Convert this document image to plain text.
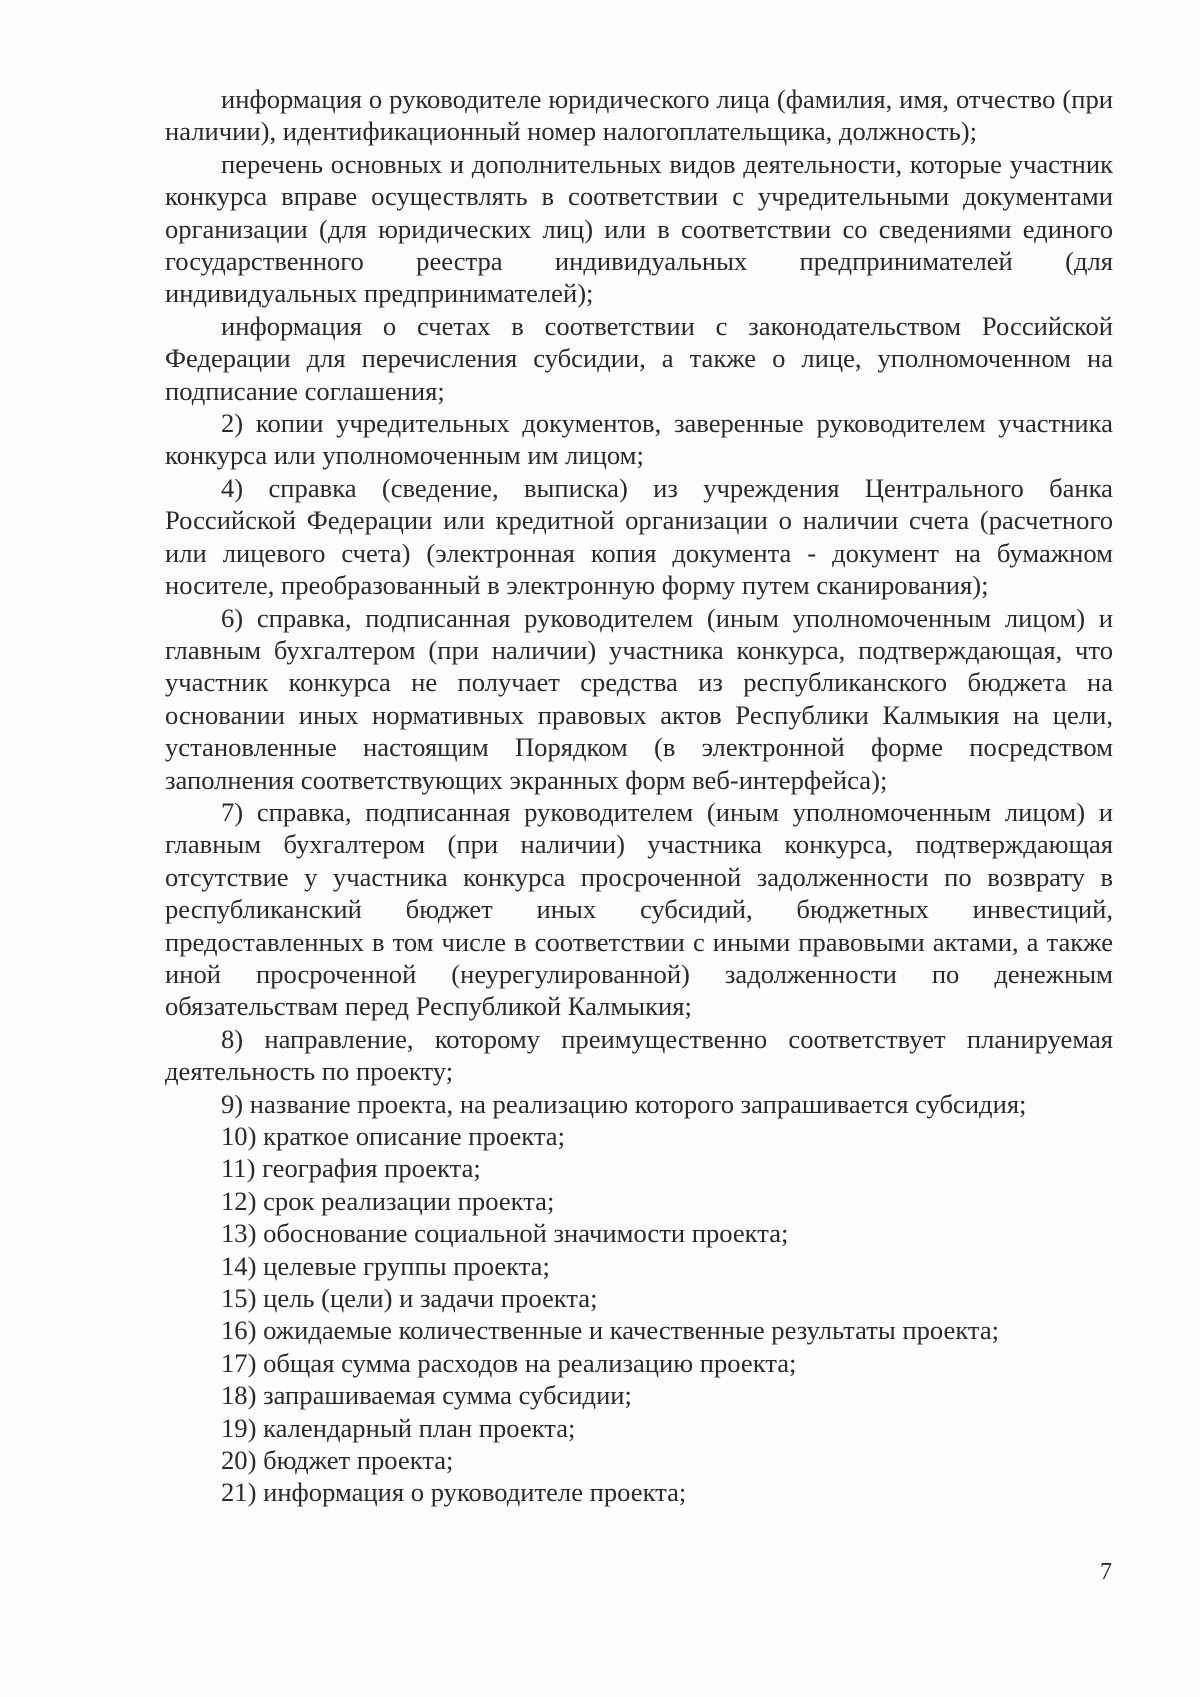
информация о руководителе юридического лица (фамилия, имя, отчество (при наличии), идентификационный номер налогоплательщика, должность);

перечень основных и дополнительных видов деятельности, которые участник конкурса вправе осуществлять в соответствии с учредительными документами организации (для юридических лиц) или в соответствии со сведениями единого государственного реестра индивидуальных предпринимателей (для индивидуальных предпринимателей);

информация о счетах в соответствии с законодательством Российской Федерации для перечисления субсидии, а также о лице, уполномоченном на подписание соглашения;

2) копии учредительных документов, заверенные руководителем участника конкурса или уполномоченным им лицом;

4) справка (сведение, выписка) из учреждения Центрального банка Российской Федерации или кредитной организации о наличии счета (расчетного или лицевого счета) (электронная копия документа - документ на бумажном носителе, преобразованный в электронную форму путем сканирования);

6) справка, подписанная руководителем (иным уполномоченным лицом) и главным бухгалтером (при наличии) участника конкурса, подтверждающая, что участник конкурса не получает средства из республиканского бюджета на основании иных нормативных правовых актов Республики Калмыкия на цели, установленные настоящим Порядком (в электронной форме посредством заполнения соответствующих экранных форм веб-интерфейса);

7) справка, подписанная руководителем (иным уполномоченным лицом) и главным бухгалтером (при наличии) участника конкурса, подтверждающая отсутствие у участника конкурса просроченной задолженности по возврату в республиканский бюджет иных субсидий, бюджетных инвестиций, предоставленных в том числе в соответствии с иными правовыми актами, а также иной просроченной (неурегулированной) задолженности по денежным обязательствам перед Республикой Калмыкия;

8) направление, которому преимущественно соответствует планируемая деятельность по проекту;

9) название проекта, на реализацию которого запрашивается субсидия;
10) краткое описание проекта;
11) география проекта;
12) срок реализации проекта;
13) обоснование социальной значимости проекта;
14) целевые группы проекта;
15) цель (цели) и задачи проекта;
16) ожидаемые количественные и качественные результаты проекта;
17) общая сумма расходов на реализацию проекта;
18) запрашиваемая сумма субсидии;
19) календарный план проекта;
20) бюджет проекта;
21) информация о руководителе проекта;
7
